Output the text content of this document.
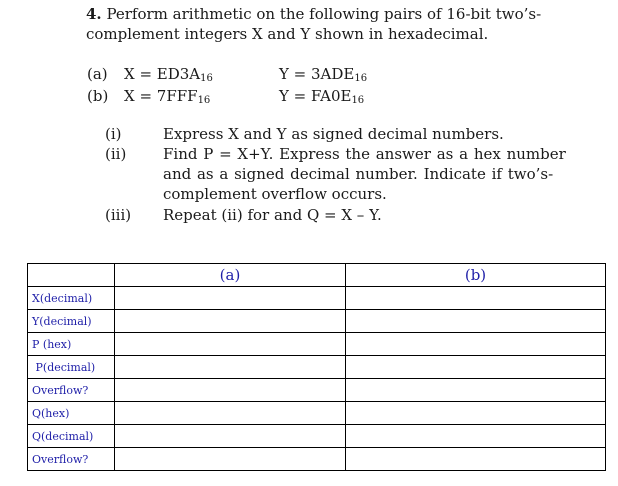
4. Perform arithmetic on the following pairs of 16-bit two’s-
complement integers X and Y shown in hexadecimal.
(a) $X = ED3A_{16}$	$Y = 3ADE_{16}$
(b) $X = 7FFF_{16}$	$Y = FA0E_{16}$
(i)	Express X and Y as signed decimal numbers.
(ii) Find P = X+Y. Express the answer as a hex number
and as a signed decimal number. Indicate if two’s-
complement overflow occurs.
(iii) Repeat (ii) for and Q = X – Y.
	(a)	(b)
X(decimal)		
Y(decimal)		
P (hex)		
P(decimal)		
Overflow?		
Q(hex)		
Q(decimal)		
Overflow?		
